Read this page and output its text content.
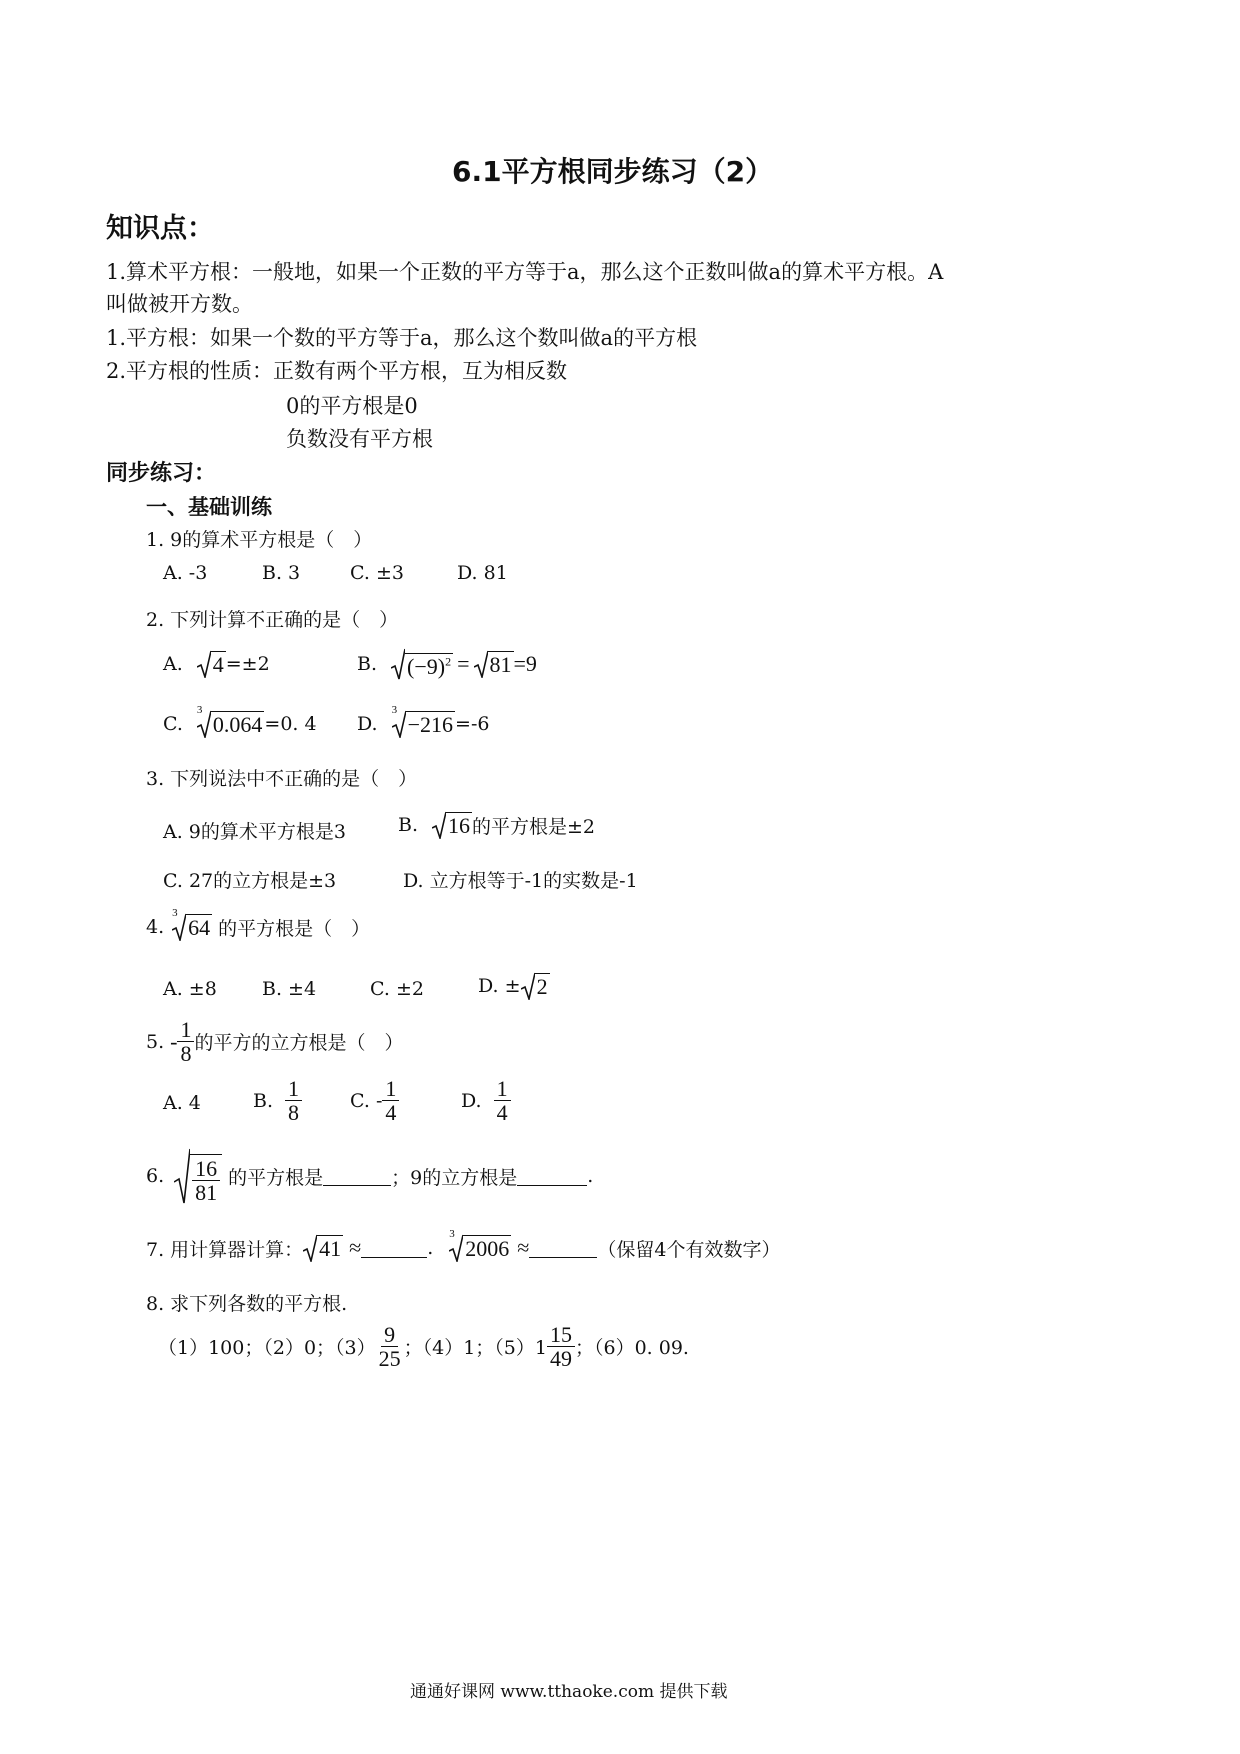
6.1平方根同步练习（2）
知识点：
1.算术平方根：一般地，如果一个正数的平方等于a，那么这个正数叫做a的算术平方根。A
叫做被开方数。
1.平方根：如果一个数的平方等于a，那么这个数叫做a的平方根
2.平方根的性质：正数有两个平方根，互为相反数
0的平方根是0
负数没有平方根
同步练习：
一、基础训练
1. 9的算术平方根是（　）
A. -3	B. 3	C. ±3	D. 81
2. 下列计算不正确的是（　）
A. 4 =±2	B. $(-9)^2 = 81 =9$
C.
3
0.064 =0. 4 D.
3
−216 =-6
3. 下列说法中不正确的是（　）
A. 9的算术平方根是3	B. 16 的平方根是±2
C. 27的立方根是±3	D. 立方根等于-1的实数是-1
4.
3
64 的平方根是（　）
A. ±8 B. ±4	C. ±2	D. ± 2
5. - $\frac{1}{8}$ 的平方的立方根是（　）
A. 4	B. $\frac{1}{8}$	C. - $\frac{1}{4}$	D. $\frac{1}{4}$
6. $\frac{16}{81}$ 的平方根是	；9的立方根是	.
7. 用计算器计算： 41 ≈	.
3
2006 ≈	（保留4个有效数字）
8. 求下列各数的平方根.
（1）100；（2）0；$(3) \frac{9}{25}$ ；（4）1；$(5)1 \frac{15}{49}$ ；（6）0. 09.
通通好课网 www.tthaoke.com 提供下载
